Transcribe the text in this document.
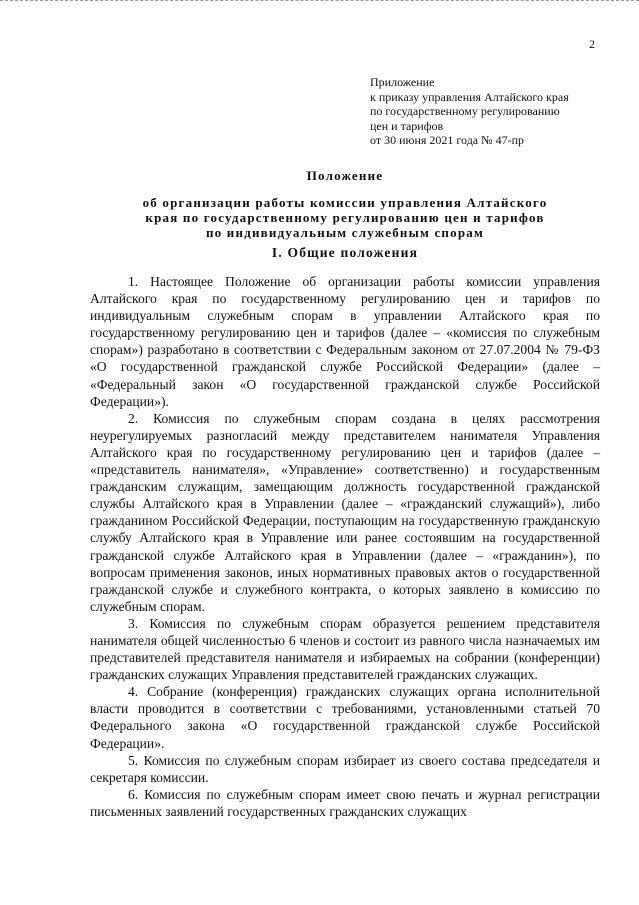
2
Приложение
к приказу управления Алтайского края
по государственному регулированию
цен и тарифов
от 30 июня 2021 года № 47-пр
Положение
об организации работы комиссии управления Алтайского
края по государственному регулированию цен и тарифов
по индивидуальным служебным спорам
I. Общие положения

1. Настоящее Положение об организации работы комиссии управления Алтайского края по государственному регулированию цен и тарифов по индивидуальным служебным спорам в управлении Алтайского края по государственному регулированию цен и тарифов (далее – «комиссия по служебным спорам») разработано в соответствии с Федеральным законом от 27.07.2004 № 79-ФЗ «О государственной гражданской службе Российской Федерации» (далее – «Федеральный закон «О государственной гражданской службе Российской Федерации»).

2. Комиссия по служебным спорам создана в целях рассмотрения неурегулируемых разногласий между представителем нанимателя Управления Алтайского края по государственному регулированию цен и тарифов (далее – «представитель нанимателя», «Управление» соответственно) и государственным гражданским служащим, замещающим должность государственной гражданской службы Алтайского края в Управлении (далее – «гражданский служащий»), либо гражданином Российской Федерации, поступающим на государственную гражданскую службу Алтайского края в Управление или ранее состоявшим на государственной гражданской службе Алтайского края в Управлении (далее – «гражданин»), по вопросам применения законов, иных нормативных правовых актов о государственной гражданской службе и служебного контракта, о которых заявлено в комиссию по служебным спорам.

3. Комиссия по служебным спорам образуется решением представителя нанимателя общей численностью 6 членов и состоит из равного числа назначаемых им представителей представителя нанимателя и избираемых на собрании (конференции) гражданских служащих Управления представителей гражданских служащих.

4. Собрание (конференция) гражданских служащих органа исполнительной власти проводится в соответствии с требованиями, установленными статьей 70 Федерального закона «О государственной гражданской службе Российской Федерации».

5. Комиссия по служебным спорам избирает из своего состава председателя и секретаря комиссии.

6. Комиссия по служебным спорам имеет свою печать и журнал регистрации письменных заявлений государственных гражданских служащих
